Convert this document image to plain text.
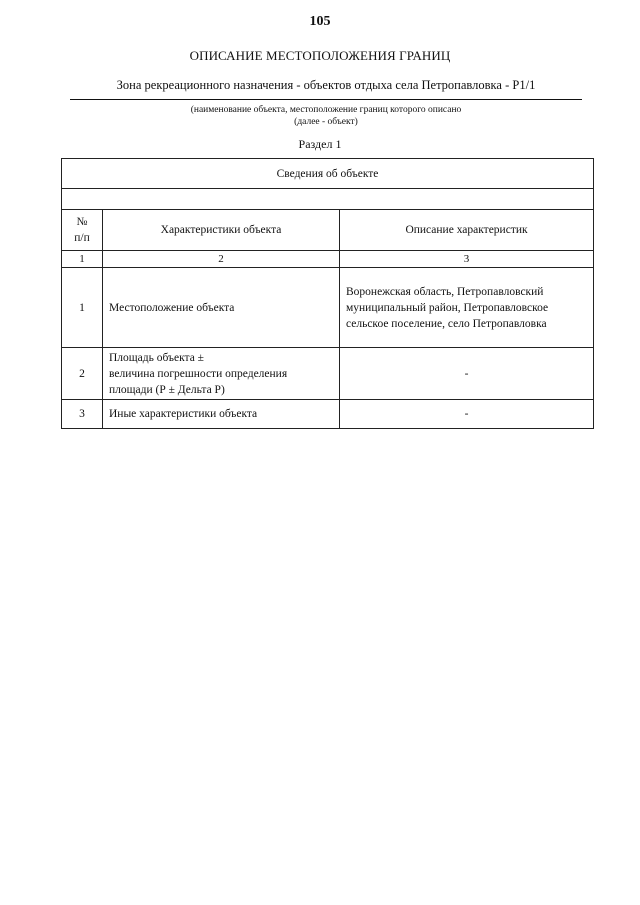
105
ОПИСАНИЕ МЕСТОПОЛОЖЕНИЯ ГРАНИЦ
Зона рекреационного назначения - объектов отдыха села Петропавловка - Р1/1
(наименование объекта, местоположение границ которого описано
(далее - объект)
Раздел 1
Сведения об объекте		

№
п/п	Характеристики объекта	Описание характеристик
1	2	3
1	Местоположение объекта	Воронежская область, Петропавловский муниципальный район, Петропавловское сельское поселение, село Петропавловка
2	Площадь объекта ±
величина погрешности определения площади (Р ± Дельта Р)	-
3	Иные характеристики объекта	-
